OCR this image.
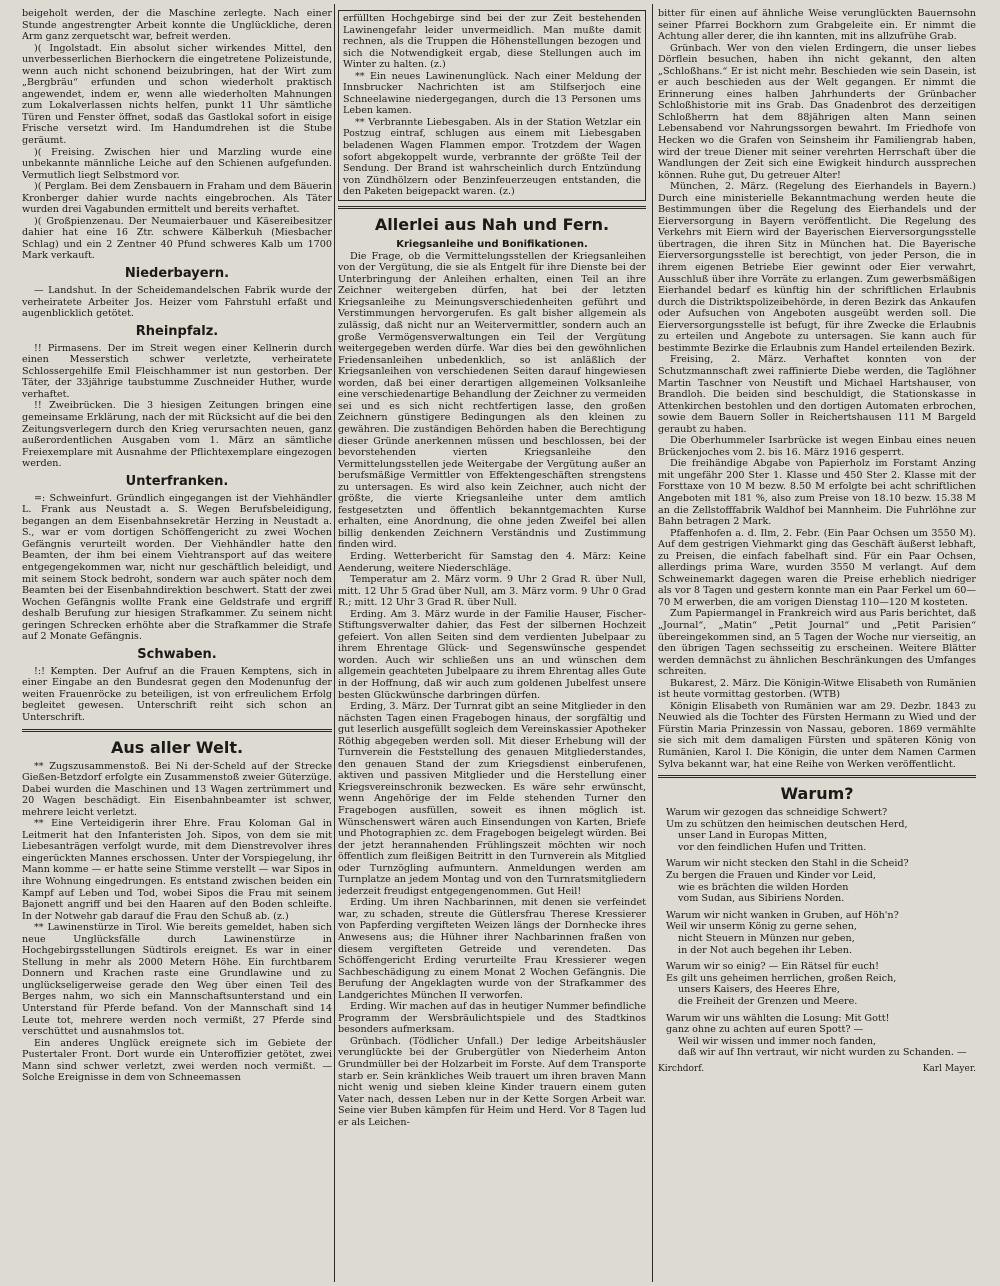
beigeholt werden, der die Maschine zerlegte. Nach einer Stunde angestrengter Arbeit konnte die Unglückliche, deren Arm ganz zerquetscht war, befreit werden.

)( Ingolstadt. Ein absolut sicher wirkendes Mittel, den unverbesserlichen Bierhockern die eingetretene Polizeistunde, wenn auch nicht schonend beizubringen, hat der Wirt zum „Bergbräu“ erfunden und schon wiederholt praktisch angewendet, indem er, wenn alle wiederholten Mahnungen zum Lokalverlassen nichts helfen, punkt 11 Uhr sämtliche Türen und Fenster öffnet, sodaß das Gastlokal sofort in eisige Frische versetzt wird. Im Handumdrehen ist die Stube geräumt.

)( Freising. Zwischen hier und Marzling wurde eine unbekannte männliche Leiche auf den Schienen aufgefunden. Vermutlich liegt Selbstmord vor.

)( Perglam. Bei dem Zensbauern in Fraham und dem Bäuerin Kronberger dahier wurde nachts eingebrochen. Als Täter wurden drei Vagabunden ermittelt und bereits verhaftet.

)( Großpienzenau. Der Neumaierbauer und Käsereibesitzer dahier hat eine 16 Ztr. schwere Kälberkuh (Miesbacher Schlag) und ein 2 Zentner 40 Pfund schweres Kalb um 1700 Mark verkauft.

Niederbayern.

— Landshut. In der Scheidemandelschen Fabrik wurde der verheiratete Arbeiter Jos. Heizer vom Fahrstuhl erfaßt und augenblicklich getötet.

Rheinpfalz.

!! Pirmasens. Der im Streit wegen einer Kellnerin durch einen Messerstich schwer verletzte, verheiratete Schlossergehilfe Emil Fleischhammer ist nun gestorben. Der Täter, der 33jährige taubstumme Zuschneider Huther, wurde verhaftet.

!! Zweibrücken. Die 3 hiesigen Zeitungen bringen eine gemeinsame Erklärung, nach der mit Rücksicht auf die bei den Zeitungsverlegern durch den Krieg verursachten neuen, ganz außerordentlichen Ausgaben vom 1. März an sämtliche Freiexemplare mit Ausnahme der Pflichtexemplare eingezogen werden.

Unterfranken.

=: Schweinfurt. Gründlich eingegangen ist der Viehhändler L. Frank aus Neustadt a. S. Wegen Berufsbeleidigung, begangen an dem Eisenbahnsekretär Herzing in Neustadt a. S., war er vom dortigen Schöffengericht zu zwei Wochen Gefängnis verurteilt worden. Der Viehhändler hatte den Beamten, der ihm bei einem Viehtransport auf das weitere entgegengekommen war, nicht nur geschäftlich beleidigt, und mit seinem Stock bedroht, sondern war auch später noch dem Beamten bei der Eisenbahndirektion beschwert. Statt der zwei Wochen Gefängnis wollte Frank eine Geldstrafe und ergriff deshalb Berufung zur hiesigen Strafkammer. Zu seinem nicht geringen Schrecken erhöhte aber die Strafkammer die Strafe auf 2 Monate Gefängnis.

Schwaben.

!:! Kempten. Der Aufruf an die Frauen Kemptens, sich in einer Eingabe an den Bundesrat gegen den Modenunfug der weiten Frauenröcke zu beteiligen, ist von erfreulichem Erfolg begleitet gewesen. Unterschrift reiht sich schon an Unterschrift.

Aus aller Welt.

** Zugszusammenstoß. Bei Ni der-Scheld auf der Strecke Gießen-Betzdorf erfolgte ein Zusammenstoß zweier Güterzüge. Dabei wurden die Maschinen und 13 Wagen zertrümmert und 20 Wagen beschädigt. Ein Eisenbahnbeamter ist schwer, mehrere leicht verletzt.

** Eine Verteidigerin ihrer Ehre. Frau Koloman Gal in Leitmerit hat den Infanteristen Joh. Sipos, von dem sie mit Liebesanträgen verfolgt wurde, mit dem Dienstrevolver ihres eingerückten Mannes erschossen. Unter der Vorspiegelung, ihr Mann komme — er hatte seine Stimme verstellt — war Sipos in ihre Wohnung eingedrungen. Es entstand zwischen beiden ein Kampf auf Leben und Tod, wobei Sipos die Frau mit seinem Bajonett angriff und bei den Haaren auf den Boden schleifte. In der Notwehr gab darauf die Frau den Schuß ab. (z.)

** Lawinenstürze in Tirol. Wie bereits gemeldet, haben sich neue Unglücksfälle durch Lawinenstürze in Hochgebirgsstellungen Südtirols ereignet. Es war in einer Stellung in mehr als 2000 Metern Höhe. Ein furchtbarem Donnern und Krachen raste eine Grundlawine und zu unglückseligerweise gerade den Weg über einen Teil des Berges nahm, wo sich ein Mannschaftsunterstand und ein Unterstand für Pferde befand. Von der Mannschaft sind 14 Leute tot, mehrere werden noch vermißt, 27 Pferde sind verschüttet und ausnahmslos tot.

Ein anderes Unglück ereignete sich im Gebiete der Pustertaler Front. Dort wurde ein Unteroffizier getötet, zwei Mann sind schwer verletzt, zwei werden noch vermißt. — Solche Ereignisse in dem von Schneemassen

erfüllten Hochgebirge sind bei der zur Zeit bestehenden Lawinengefahr leider unvermeidlich. Man mußte damit rechnen, als die Truppen die Höhenstellungen bezogen und sich die Notwendigkeit ergab, diese Stellungen auch im Winter zu halten. (z.)

** Ein neues Lawinenunglück. Nach einer Meldung der Innsbrucker Nachrichten ist am Stilfserjoch eine Schneelawine niedergegangen, durch die 13 Personen ums Leben kamen.

** Verbrannte Liebesgaben. Als in der Station Wetzlar ein Postzug eintraf, schlugen aus einem mit Liebesgaben beladenen Wagen Flammen empor. Trotzdem der Wagen sofort abgekoppelt wurde, verbrannte der größte Teil der Sendung. Der Brand ist wahrscheinlich durch Entzündung von Zündhölzern oder Benzinfeuerzeugen entstanden, die den Paketen beigepackt waren. (z.)

Allerlei aus Nah und Fern.
Kriegsanleihe und Bonifikationen.

Die Frage, ob die Vermittelungsstellen der Kriegsanleihen von der Vergütung, die sie als Entgelt für ihre Dienste bei der Unterbringung der Anleihen erhalten, einen Teil an ihre Zeichner weitergeben dürfen, hat bei der letzten Kriegsanleihe zu Meinungsverschiedenheiten geführt und Verstimmungen hervorgerufen. Es galt bisher allgemein als zulässig, daß nicht nur an Weitervermittler, sondern auch an große Vermögensverwaltungen ein Teil der Vergütung weitergegeben werden dürfe. War dies bei den gewöhnlichen Friedensanleihen unbedenklich, so ist anläßlich der Kriegsanleihen von verschiedenen Seiten darauf hingewiesen worden, daß bei einer derartigen allgemeinen Volksanleihe eine verschiedenartige Behandlung der Zeichner zu vermeiden sei und es sich nicht rechtfertigen lasse, den großen Zeichnern günstigere Bedingungen als den kleinen zu gewähren. Die zuständigen Behörden haben die Berechtigung dieser Gründe anerkennen müssen und beschlossen, bei der bevorstehenden vierten Kriegsanleihe den Vermittelungsstellen jede Weitergabe der Vergütung außer an berufsmäßige Vermittler von Effektengeschäften strengstens zu untersagen. Es wird also kein Zeichner, auch nicht der größte, die vierte Kriegsanleihe unter dem amtlich festgesetzten und öffentlich bekanntgemachten Kurse erhalten, eine Anordnung, die ohne jeden Zweifel bei allen billig denkenden Zeichnern Verständnis und Zustimmung finden wird.

Erding. Wetterbericht für Samstag den 4. März: Keine Aenderung, weitere Niederschläge.

Temperatur am 2. März vorm. 9 Uhr 2 Grad R. über Null, mitt. 12 Uhr 5 Grad über Null, am 3. März vorm. 9 Uhr 0 Grad R.; mitt. 12 Uhr 3 Grad R. über Null.

Erding. Am 3. März wurde in der Familie Hauser, Fischer-Stiftungsverwalter dahier, das Fest der silbernen Hochzeit gefeiert. Von allen Seiten sind dem verdienten Jubelpaar zu ihrem Ehrentage Glück- und Segenswünsche gespendet worden. Auch wir schließen uns an und wünschen dem allgemein geachteten Jubelpaare zu ihrem Ehrentag alles Gute in der Hoffnung, daß wir auch zum goldenen Jubelfest unsere besten Glückwünsche darbringen dürfen.

Erding, 3. März. Der Turnrat gibt an seine Mitglieder in den nächsten Tagen einen Fragebogen hinaus, der sorgfältig und gut leserlich ausgefüllt sogleich dem Vereinskassier Apotheker Röthig abgegeben werden soll. Mit dieser Erhebung will der Turnverein die Feststellung des genauen Mitgliederstandes, den genauen Stand der zum Kriegsdienst einberufenen, aktiven und passiven Mitglieder und die Herstellung einer Kriegsvereinschronik bezwecken. Es wäre sehr erwünscht, wenn Angehörige der im Felde stehenden Turner den Fragebogen ausfüllen, soweit es ihnen möglich ist. Wünschenswert wären auch Einsendungen von Karten, Briefe und Photographien zc. dem Fragebogen beigelegt würden. Bei der jetzt herannahenden Frühlingszeit möchten wir noch öffentlich zum fleißigen Beitritt in den Turnverein als Mitglied oder Turnzögling aufmuntern. Anmeldungen werden am Turnplatze an jedem Montag und von den Turnratsmitgliedern jederzeit freudigst entgegengenommen. Gut Heil!

Erding. Um ihren Nachbarinnen, mit denen sie verfeindet war, zu schaden, streute die Gütlersfrau Therese Kressierer von Papferding vergifteten Weizen längs der Dornhecke ihres Anwesens aus; die Hühner ihrer Nachbarinnen fraßen von diesem vergifteten Getreide und verendeten. Das Schöffengericht Erding verurteilte Frau Kressierer wegen Sachbeschädigung zu einem Monat 2 Wochen Gefängnis. Die Berufung der Angeklagten wurde von der Strafkammer des Landgerichtes München II verworfen.

Erding. Wir machen auf das in heutiger Nummer befindliche Programm der Wersbräulichtspiele und des Stadtkinos besonders aufmerksam.

Grünbach. (Tödlicher Unfall.) Der ledige Arbeitshäusler verunglückte bei der Grubergütler von Niederheim Anton Grundmüller bei der Holzarbeit im Forste. Auf dem Transporte starb er. Sein kränkliches Weib trauert um ihren braven Mann nicht wenig und sieben kleine Kinder trauern einem guten Vater nach, dessen Leben nur in der Kette Sorgen Arbeit war. Seine vier Buben kämpfen für Heim und Herd. Vor 8 Tagen lud er als Leichen-

bitter für einen auf ähnliche Weise verunglückten Bauernsohn seiner Pfarrei Bockhorn zum Grabgeleite ein. Er nimmt die Achtung aller derer, die ihn kannten, mit ins allzufrühe Grab.

Grünbach. Wer von den vielen Erdingern, die unser liebes Dörflein besuchen, haben ihn nicht gekannt, den alten „Schloßhans.“ Er ist nicht mehr. Beschieden wie sein Dasein, ist er auch beschieden aus der Welt gegangen. Er nimmt die Erinnerung eines halben Jahrhunderts der Grünbacher Schloßhistorie mit ins Grab. Das Gnadenbrot des derzeitigen Schloßherrn hat dem 88jährigen alten Mann seinen Lebensabend vor Nahrungssorgen bewahrt. Im Friedhofe von Hecken wo die Grafen von Seinsheim ihr Familiengrab haben, wird der treue Diener mit seiner verehrten Herrschaft über die Wandlungen der Zeit sich eine Ewigkeit hindurch aussprechen können. Ruhe gut, Du getreuer Alter!

München, 2. März. (Regelung des Eierhandels in Bayern.) Durch eine ministerielle Bekanntmachung werden heute die Bestimmungen über die Regelung des Eierhandels und der Eierversorgung in Bayern veröffentlicht. Die Regelung des Verkehrs mit Eiern wird der Bayerischen Eierversorgungsstelle übertragen, die ihren Sitz in München hat. Die Bayerische Eierversorgungsstelle ist berechtigt, von jeder Person, die in ihrem eigenen Betriebe Eier gewinnt oder Eier verwahrt, Ausschluß über ihre Vorräte zu erlangen. Zum gewerbsmäßigen Eierhandel bedarf es künftig hin der schriftlichen Erlaubnis durch die Distriktspolizeibehörde, in deren Bezirk das Ankaufen oder Aufsuchen von Angeboten ausgeübt werden soll. Die Eierversorgungsstelle ist befugt, für ihre Zwecke die Erlaubnis zu erteilen und Angebote zu untersagen. Sie kann auch für bestimmte Bezirke die Erlaubnis zum Handel erteilenden Bezirk.

Freising, 2. März. Verhaftet konnten von der Schutzmannschaft zwei raffinierte Diebe werden, die Taglöhner Martin Taschner von Neustift und Michael Hartshauser, von Brandloh. Die beiden sind beschuldigt, die Stationskasse in Attenkirchen bestohlen und den dortigen Automaten erbrochen, sowie dem Bauern Soller in Reichertshausen 111 M Bargeld geraubt zu haben.

Die Oberhummeler Isarbrücke ist wegen Einbau eines neuen Brückenjoches vom 2. bis 16. März 1916 gesperrt.

Die freihändige Abgabe von Papierholz im Forstamt Anzing mit ungefähr 200 Ster 1. Klasse und 450 Ster 2. Klasse mit der Forsttaxe von 10 M bezw. 8.50 M erfolgte bei acht schriftlichen Angeboten mit 181 %, also zum Preise von 18.10 bezw. 15.38 M an die Zellstofffabrik Waldhof bei Mannheim. Die Fuhrlöhne zur Bahn betragen 2 Mark.

Pfaffenhofen a. d. Ilm, 2. Febr. (Ein Paar Ochsen um 3550 M). Auf dem gestrigen Viehmarkt ging das Geschäft äußerst lebhaft, zu Preisen, die einfach fabelhaft sind. Für ein Paar Ochsen, allerdings prima Ware, wurden 3550 M verlangt. Auf dem Schweinemarkt dagegen waren die Preise erheblich niedriger als vor 8 Tagen und gestern konnte man ein Paar Ferkel um 60—70 M erwerben, die am vorigen Dienstag 110—120 M kosteten.

Zum Papiermangel in Frankreich wird aus Paris berichtet, daß „Journal“, „Matin“ „Petit Journal“ und „Petit Parisien“ übereingekommen sind, an 5 Tagen der Woche nur vierseitig, an den übrigen Tagen sechsseitig zu erscheinen. Weitere Blätter werden demnächst zu ähnlichen Beschränkungen des Umfanges schreiten.

Bukarest, 2. März. Die Königin-Witwe Elisabeth von Rumänien ist heute vormittag gestorben. (WTB)

Königin Elisabeth von Rumänien war am 29. Dezbr. 1843 zu Neuwied als die Tochter des Fürsten Hermann zu Wied und der Fürstin Maria Prinzessin von Nassau, geboren. 1869 vermählte sie sich mit dem damaligen Fürsten und späteren König von Rumänien, Karol I. Die Königin, die unter dem Namen Carmen Sylva bekannt war, hat eine Reihe von Werken veröffentlicht.

Warum?
Warum wir gezogen das schneidige Schwert?
Um zu schützen den heimischen deutschen Herd,
unser Land in Europas Mitten,
vor den feindlichen Hufen und Tritten.
Warum wir nicht stecken den Stahl in die Scheid?
Zu bergen die Frauen und Kinder vor Leid,
wie es brächten die wilden Horden
vom Sudan, aus Sibiriens Norden.
Warum wir nicht wanken in Gruben, auf Höh'n?
Weil wir unserm König zu gerne sehen,
nicht Steuern in Münzen nur geben,
in der Not auch begehen ihr Leben.
Warum wir so einig? — Ein Rätsel für euch!
Es gilt uns geheimen herrlichen, großen Reich,
unsers Kaisers, des Heeres Ehre,
die Freiheit der Grenzen und Meere.
Warum wir uns wählten die Losung: Mit Gott!
ganz ohne zu achten auf euren Spott? —
Weil wir wissen und immer noch fanden,
daß wir auf Ihn vertraut, wir nicht wurden zu Schanden. —
Kirchdorf.	Karl Mayer.
